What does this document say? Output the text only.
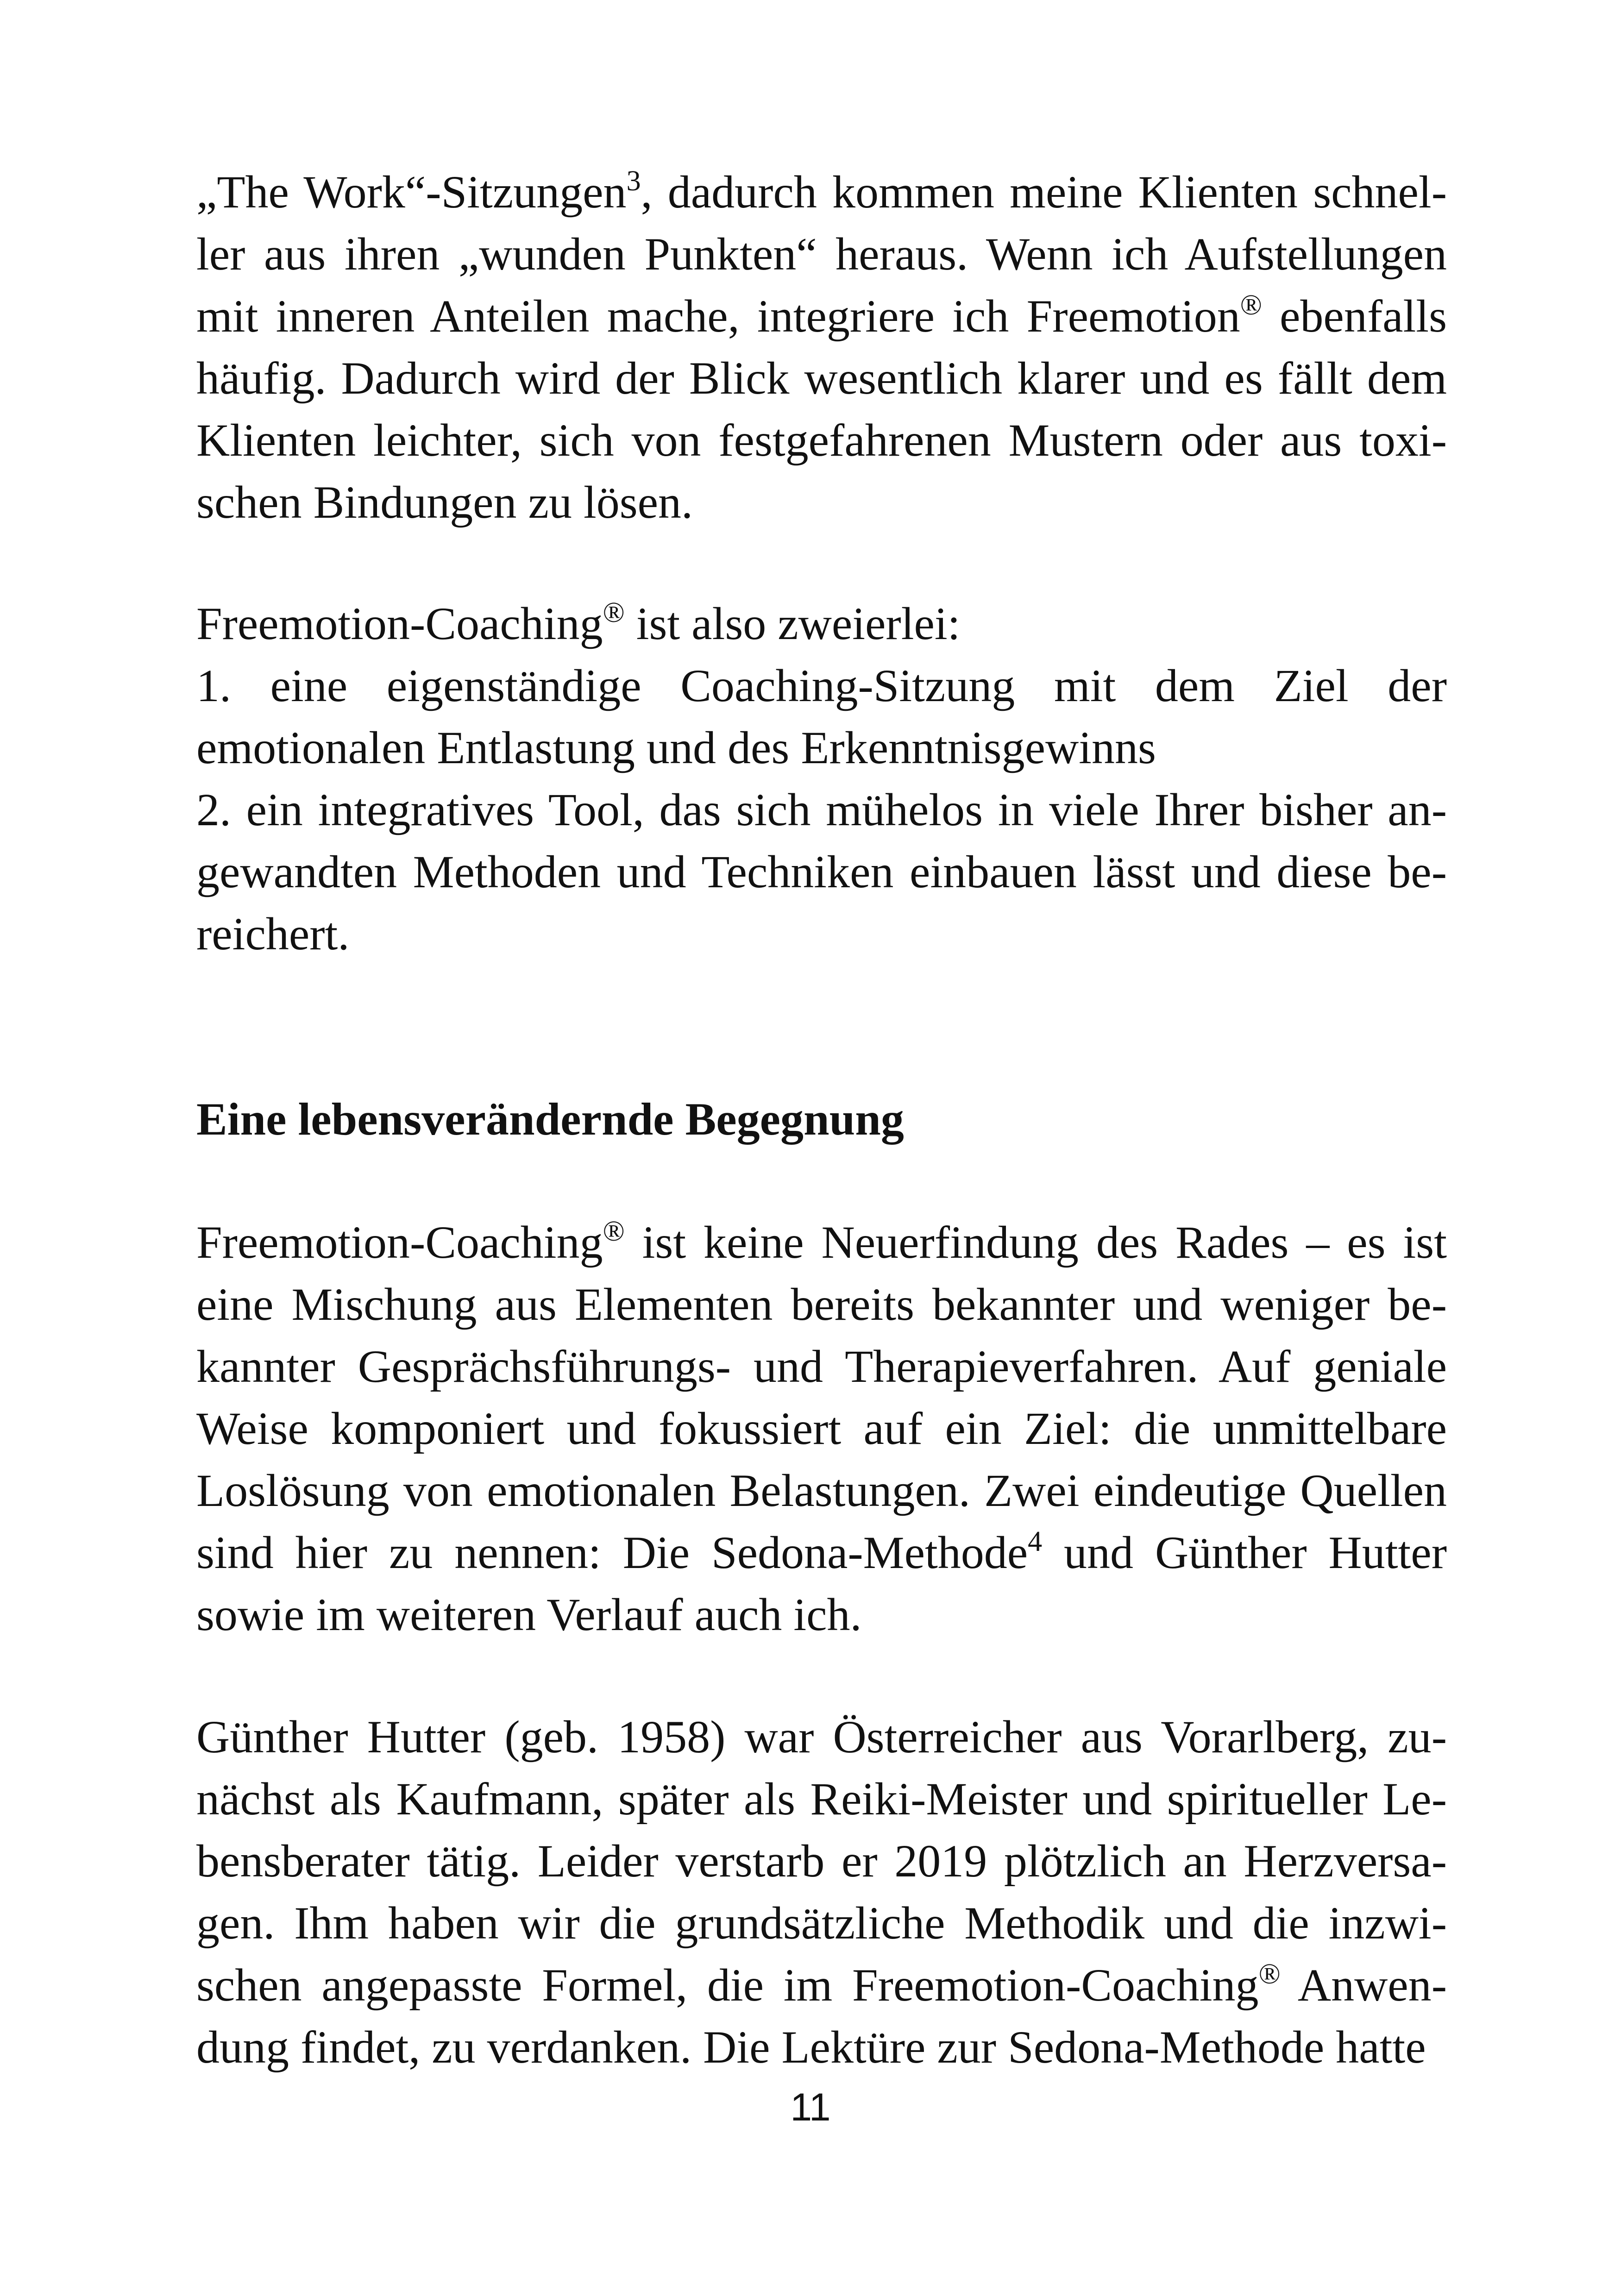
„The Work“-Sitzungen$^3$, dadurch kommen meine Klienten schneller aus ihren „wunden Punkten“ heraus. Wenn ich Aufstellungen mit inneren Anteilen mache, integriere ich Freemotion® ebenfalls häufig. Dadurch wird der Blick wesentlich klarer und es fällt dem Klienten leichter, sich von festgefahrenen Mustern oder aus toxischen Bindungen zu lösen.

Freemotion-Coaching® ist also zweierlei:

1. eine eigenständige Coaching-Sitzung mit dem Ziel der emotionalen Entlastung und des Erkenntnisgewinns

2. ein integratives Tool, das sich mühelos in viele Ihrer bisher angewandten Methoden und Techniken einbauen lässt und diese bereichert.

Eine lebensverändernde Begegnung

Freemotion-Coaching® ist keine Neuerfindung des Rades – es ist eine Mischung aus Elementen bereits bekannter und weniger bekannter Gesprächsführungs- und Therapieverfahren. Auf geniale Weise komponiert und fokussiert auf ein Ziel: die unmittelbare Loslösung von emotionalen Belastungen. Zwei eindeutige Quellen sind hier zu nennen: Die Sedona-Methode$^4$ und Günther Hutter sowie im weiteren Verlauf auch ich.

Günther Hutter (geb. 1958) war Österreicher aus Vorarlberg, zunächst als Kaufmann, später als Reiki-Meister und spiritueller Lebensberater tätig. Leider verstarb er 2019 plötzlich an Herzversagen. Ihm haben wir die grundsätzliche Methodik und die inzwischen angepasste Formel, die im Freemotion-Coaching® Anwendung findet, zu verdanken. Die Lektüre zur Sedona-Methode hatte

11
